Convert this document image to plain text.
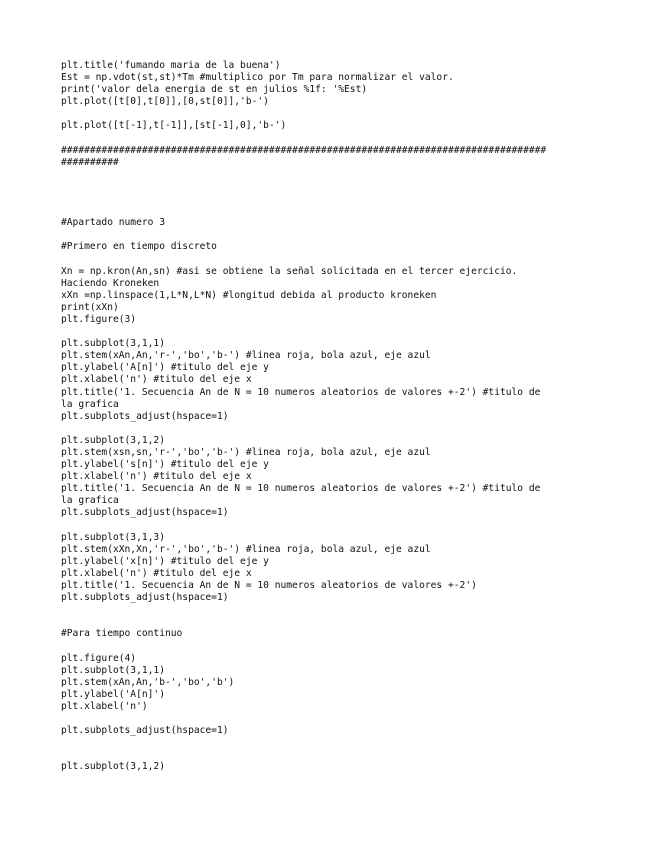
plt.title('fumando maria de la buena')
Est = np.vdot(st,st)*Tm #multiplico por Tm para normalizar el valor.
print('valor dela energia de st en julios %1f: '%Est)
plt.plot([t[0],t[0]],[0,st[0]],'b-')
plt.plot([t[-1],t[-1]],[st[-1],0],'b-')
####################################################################################
##########
#Apartado numero 3
#Primero en tiempo discreto
Xn = np.kron(An,sn) #asi se obtiene la señal solicitada en el tercer ejercicio.
Haciendo Kroneken
xXn =np.linspace(1,L*N,L*N) #longitud debida al producto kroneken
print(xXn)
plt.figure(3)
plt.subplot(3,1,1)
plt.stem(xAn,An,'r-','bo','b-') #linea roja, bola azul, eje azul
plt.ylabel('A[n]') #titulo del eje y
plt.xlabel('n') #titulo del eje x
plt.title('1. Secuencia An de N = 10 numeros aleatorios de valores +-2') #titulo de
la grafica
plt.subplots_adjust(hspace=1)
plt.subplot(3,1,2)
plt.stem(xsn,sn,'r-','bo','b-') #linea roja, bola azul, eje azul
plt.ylabel('s[n]') #titulo del eje y
plt.xlabel('n') #titulo del eje x
plt.title('1. Secuencia An de N = 10 numeros aleatorios de valores +-2') #titulo de
la grafica
plt.subplots_adjust(hspace=1)
plt.subplot(3,1,3)
plt.stem(xXn,Xn,'r-','bo','b-') #linea roja, bola azul, eje azul
plt.ylabel('x[n]') #titulo del eje y
plt.xlabel('n') #titulo del eje x
plt.title('1. Secuencia An de N = 10 numeros aleatorios de valores +-2')
plt.subplots_adjust(hspace=1)
#Para tiempo continuo
plt.figure(4)
plt.subplot(3,1,1)
plt.stem(xAn,An,'b-','bo','b')
plt.ylabel('A[n]')
plt.xlabel('n')
plt.subplots_adjust(hspace=1)
plt.subplot(3,1,2)
